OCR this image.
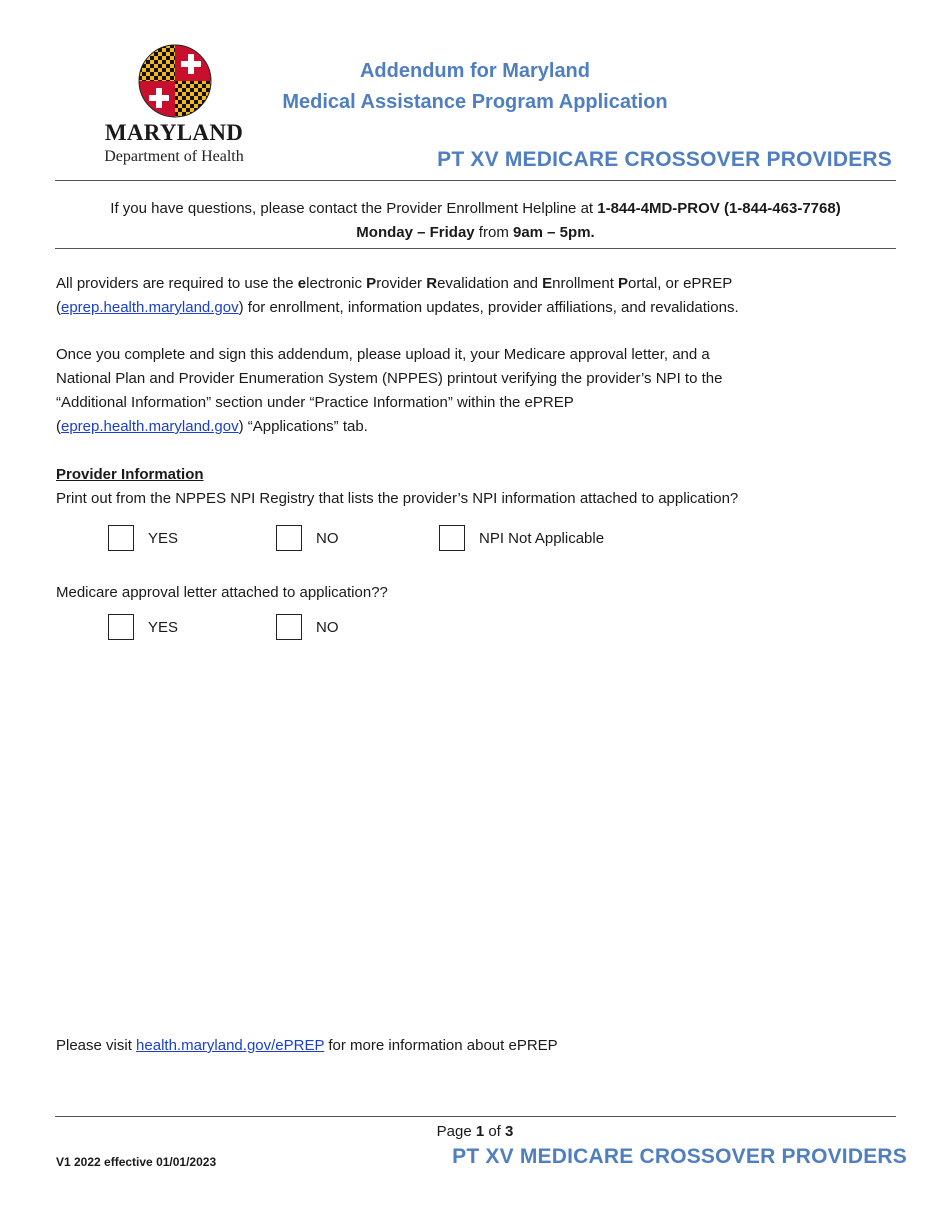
MARYLAND
Department of Health
Addendum for Maryland
Medical Assistance Program Application
PT XV MEDICARE CROSSOVER PROVIDERS
If you have questions, please contact the Provider Enrollment Helpline at 1-844-4MD-PROV (1-844-463-7768)
Monday – Friday from 9am – 5pm.
All providers are required to use the electronic Provider Revalidation and Enrollment Portal, or ePREP
(eprep.health.maryland.gov) for enrollment, information updates, provider affiliations, and revalidations.
Once you complete and sign this addendum, please upload it, your Medicare approval letter, and a
National Plan and Provider Enumeration System (NPPES) printout verifying the provider’s NPI to the
“Additional Information” section under “Practice Information” within the ePREP
(eprep.health.maryland.gov) “Applications” tab.
Provider Information
Print out from the NPPES NPI Registry that lists the provider’s NPI information attached to application?
YES	NO	NPI Not Applicable
Medicare approval letter attached to application??
YES	NO
Please visit health.maryland.gov/ePREP for more information about ePREP
Page 1 of 3
V1 2022 effective 01/01/2023	PT XV MEDICARE CROSSOVER PROVIDERS
